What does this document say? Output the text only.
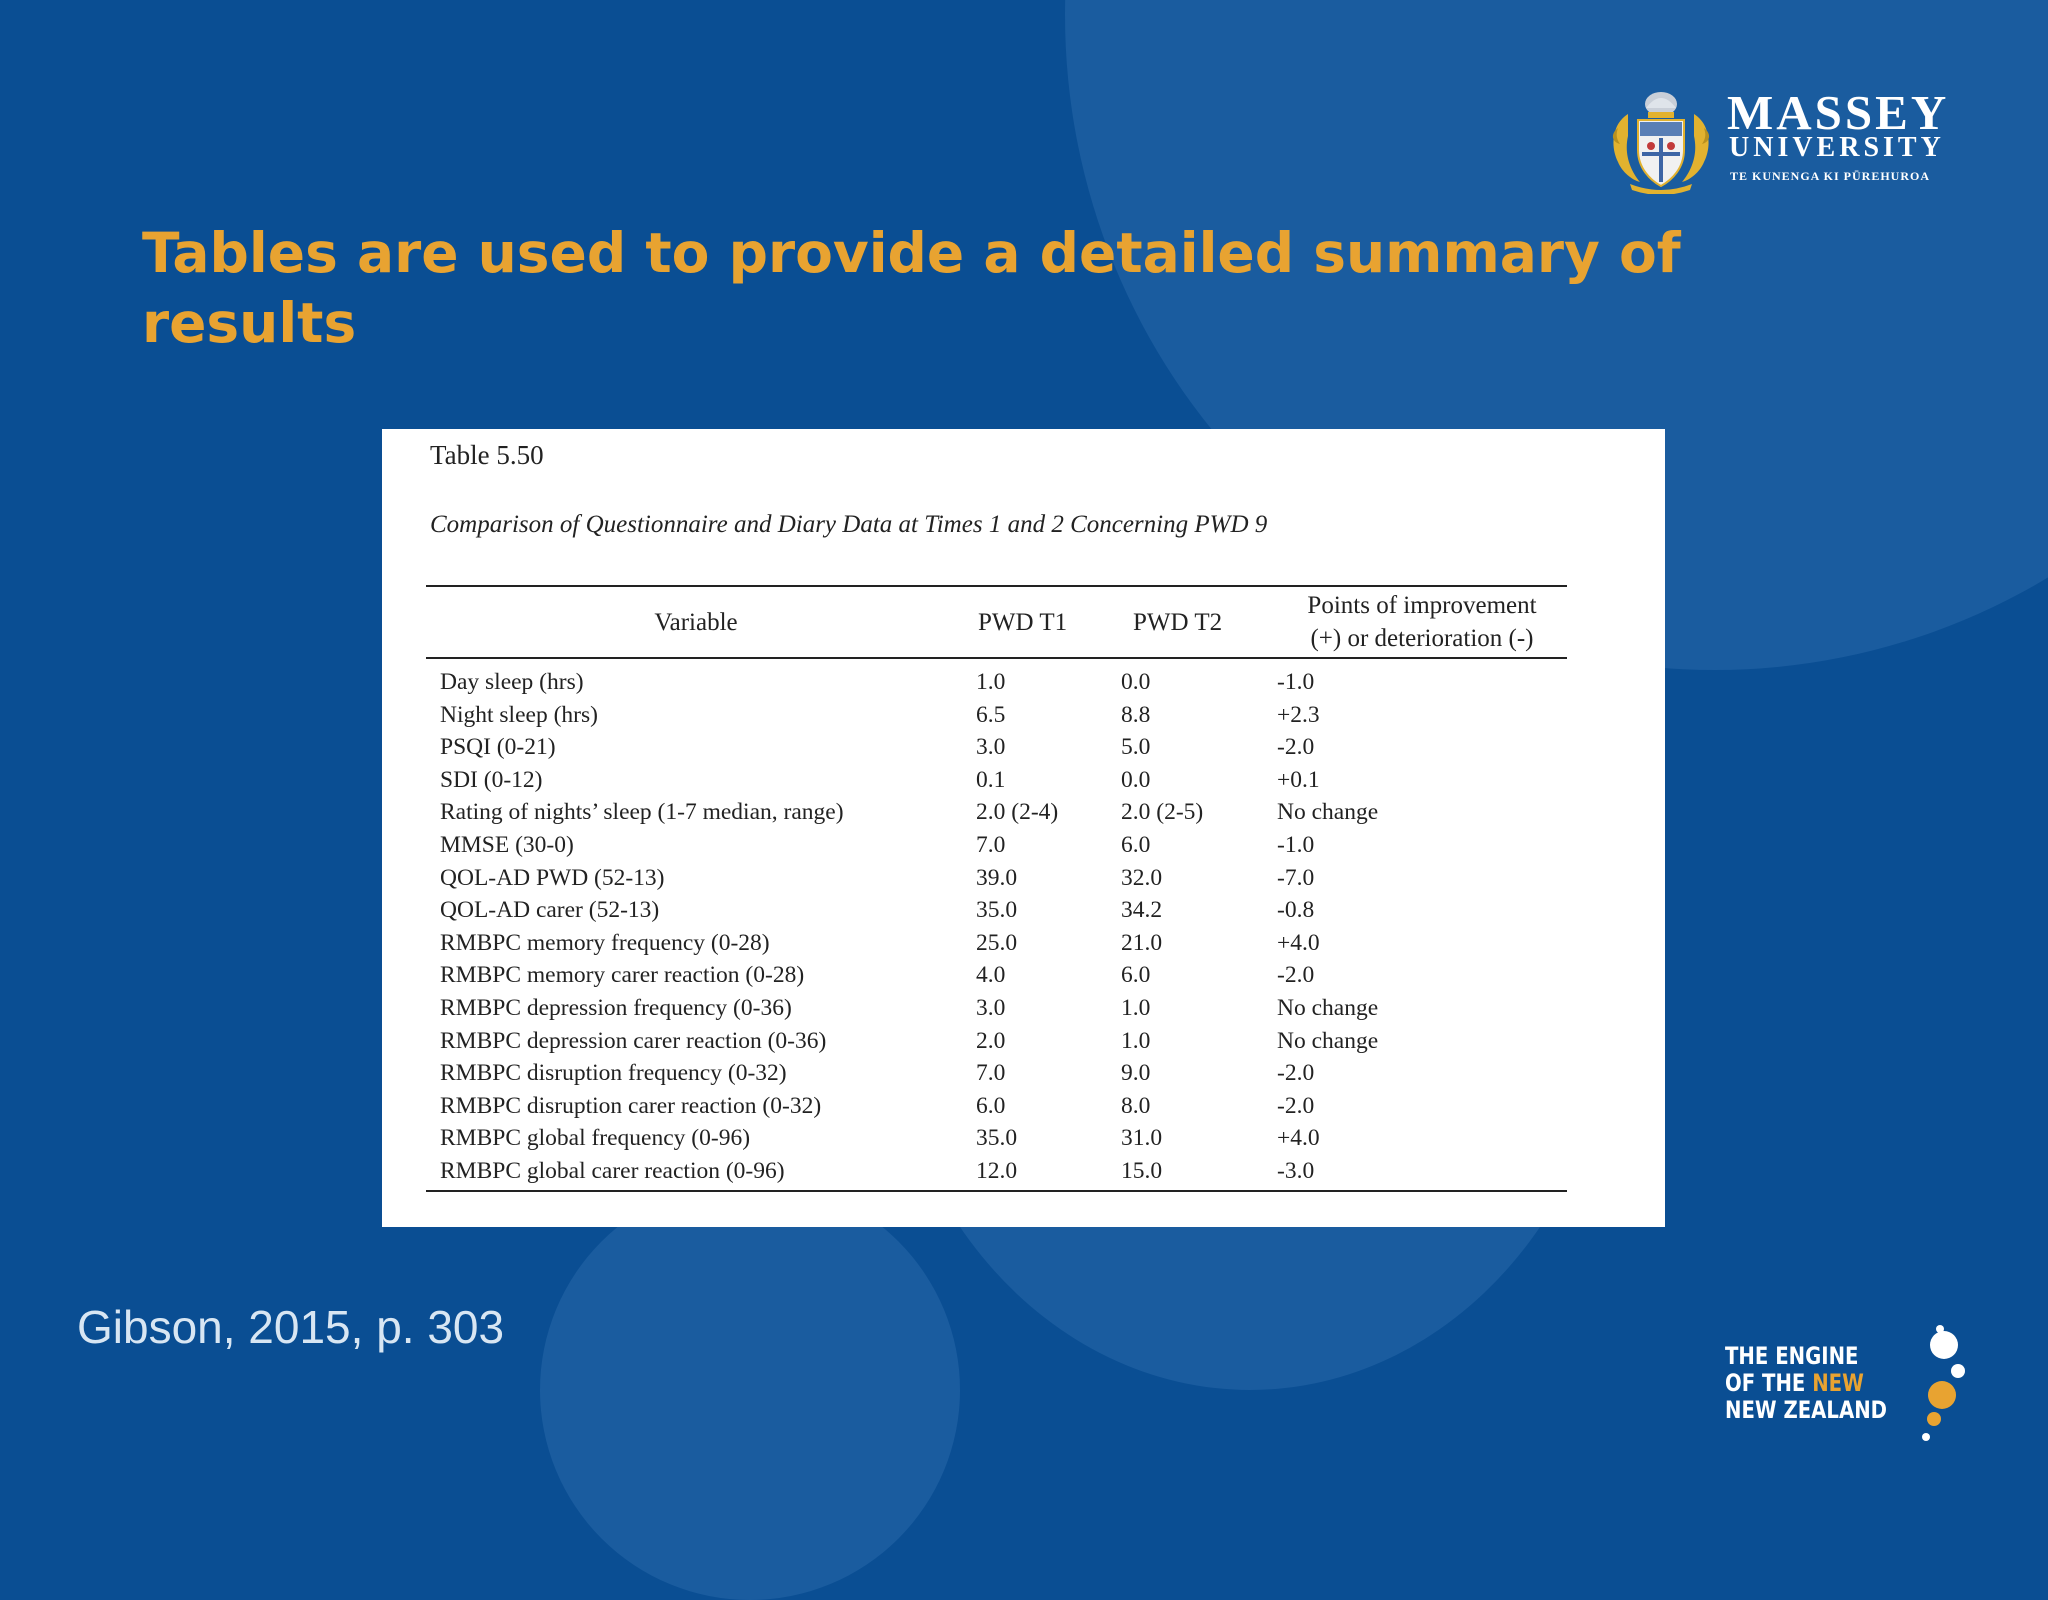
MASSEY
UNIVERSITY
TE KUNENGA KI PŪREHUROA
Tables are used to provide a detailed summary of results
Table 5.50
Comparison of Questionnaire and Diary Data at Times 1 and 2 Concerning PWD 9
Variable	PWD T1	PWD T2	Points of improvement
(+) or deterioration (-)
Day sleep (hrs)	1.0	0.0	-1.0
Night sleep (hrs)	6.5	8.8	+2.3
PSQI (0-21)	3.0	5.0	-2.0
SDI (0-12)	0.1	0.0	+0.1
Rating of nights’ sleep (1-7 median, range)	2.0 (2-4)	2.0 (2-5)	No change
MMSE (30-0)	7.0	6.0	-1.0
QOL-AD PWD (52-13)	39.0	32.0	-7.0
QOL-AD carer (52-13)	35.0	34.2	-0.8
RMBPC memory frequency (0-28)	25.0	21.0	+4.0
RMBPC memory carer reaction (0-28)	4.0	6.0	-2.0
RMBPC depression frequency (0-36)	3.0	1.0	No change
RMBPC depression carer reaction (0-36)	2.0	1.0	No change
RMBPC disruption frequency (0-32)	7.0	9.0	-2.0
RMBPC disruption carer reaction (0-32)	6.0	8.0	-2.0
RMBPC global frequency (0-96)	35.0	31.0	+4.0
RMBPC global carer reaction (0-96)	12.0	15.0	-3.0
Gibson, 2015, p. 303
THE ENGINE
OF THE NEW
NEW ZEALAND
